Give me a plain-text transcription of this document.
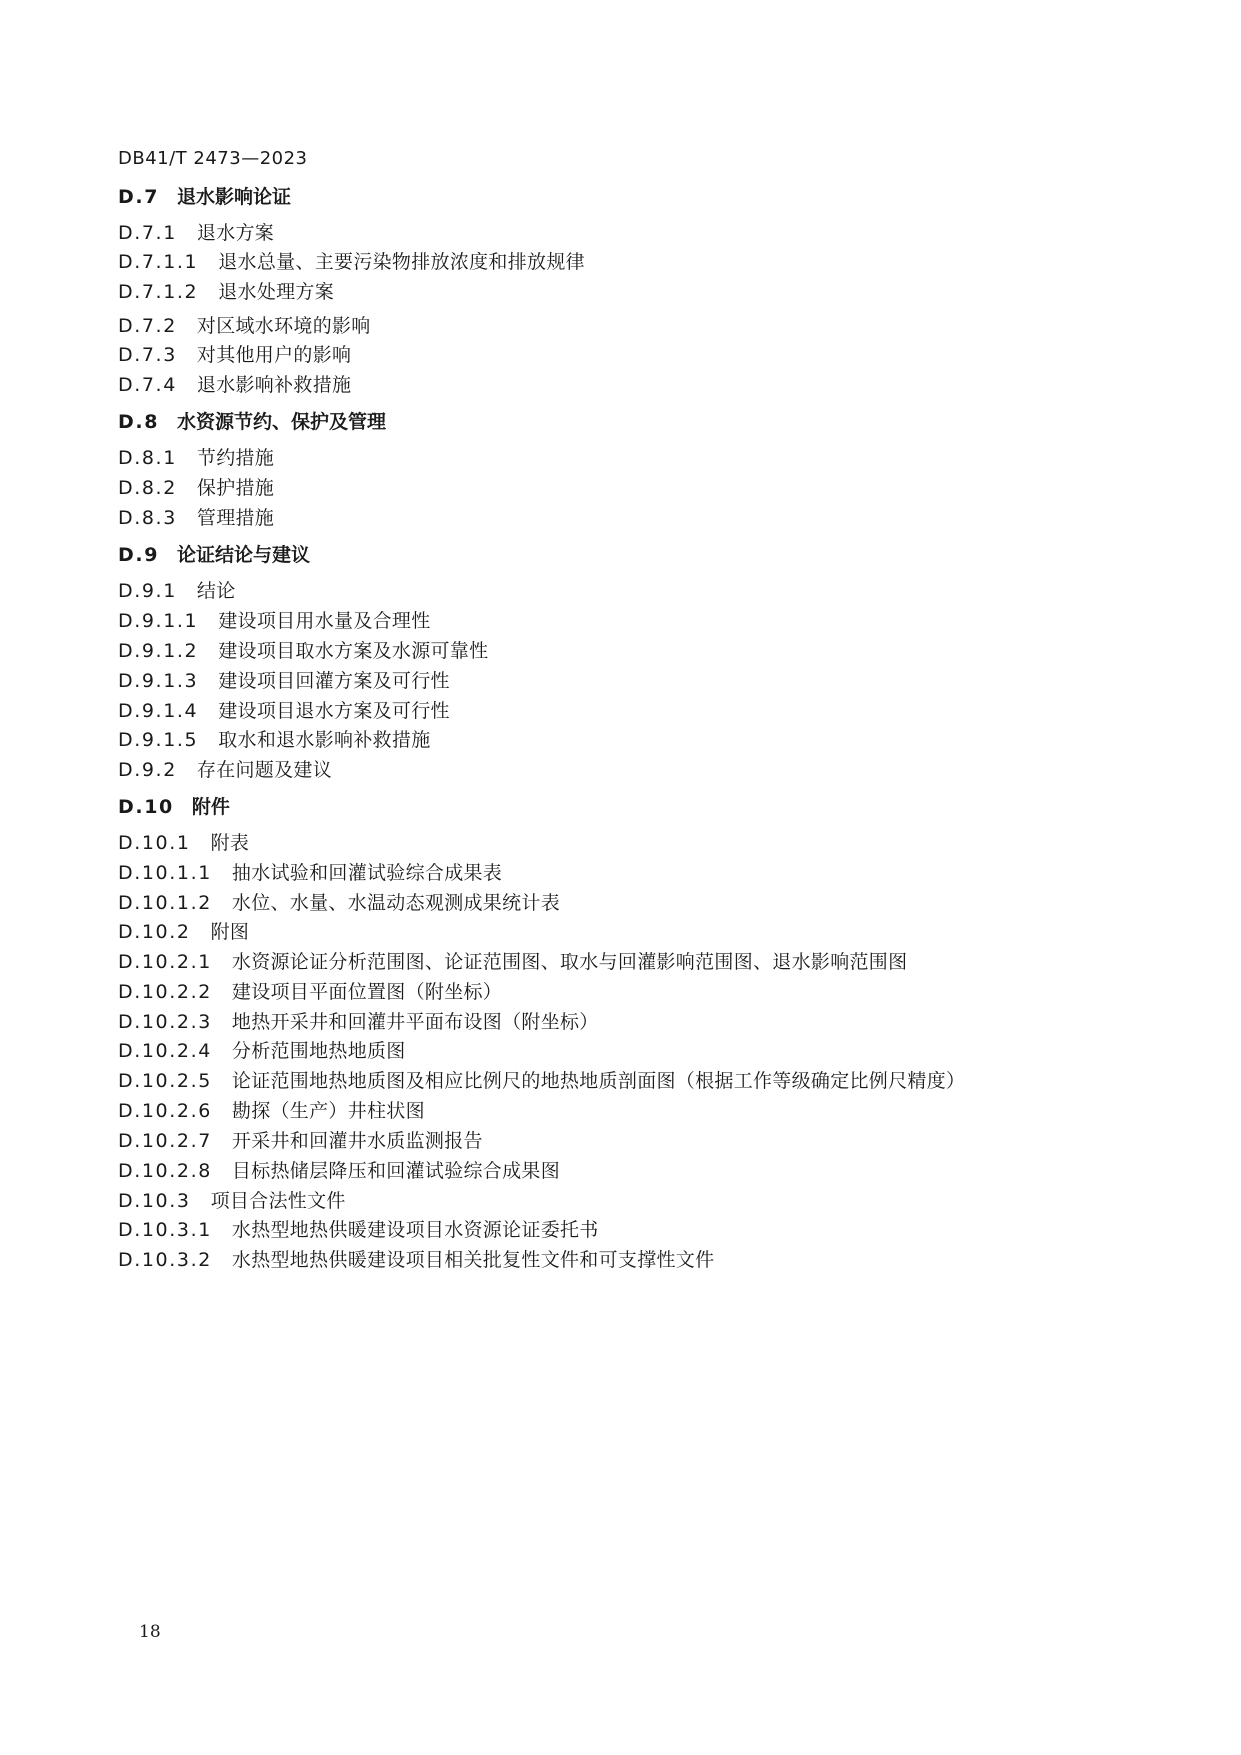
DB41/T 2473—2023
D.7 退水影响论证
D.7.1 退水方案
D.7.1.1 退水总量、主要污染物排放浓度和排放规律
D.7.1.2 退水处理方案
D.7.2 对区域水环境的影响
D.7.3 对其他用户的影响
D.7.4 退水影响补救措施
D.8 水资源节约、保护及管理
D.8.1 节约措施
D.8.2 保护措施
D.8.3 管理措施
D.9 论证结论与建议
D.9.1 结论
D.9.1.1 建设项目用水量及合理性
D.9.1.2 建设项目取水方案及水源可靠性
D.9.1.3 建设项目回灌方案及可行性
D.9.1.4 建设项目退水方案及可行性
D.9.1.5 取水和退水影响补救措施
D.9.2 存在问题及建议
D.10 附件
D.10.1 附表
D.10.1.1 抽水试验和回灌试验综合成果表
D.10.1.2 水位、水量、水温动态观测成果统计表
D.10.2 附图
D.10.2.1 水资源论证分析范围图、论证范围图、取水与回灌影响范围图、退水影响范围图
D.10.2.2 建设项目平面位置图（附坐标）
D.10.2.3 地热开采井和回灌井平面布设图（附坐标）
D.10.2.4 分析范围地热地质图
D.10.2.5 论证范围地热地质图及相应比例尺的地热地质剖面图（根据工作等级确定比例尺精度）
D.10.2.6 勘探（生产）井柱状图
D.10.2.7 开采井和回灌井水质监测报告
D.10.2.8 目标热储层降压和回灌试验综合成果图
D.10.3 项目合法性文件
D.10.3.1 水热型地热供暖建设项目水资源论证委托书
D.10.3.2 水热型地热供暖建设项目相关批复性文件和可支撑性文件
18
